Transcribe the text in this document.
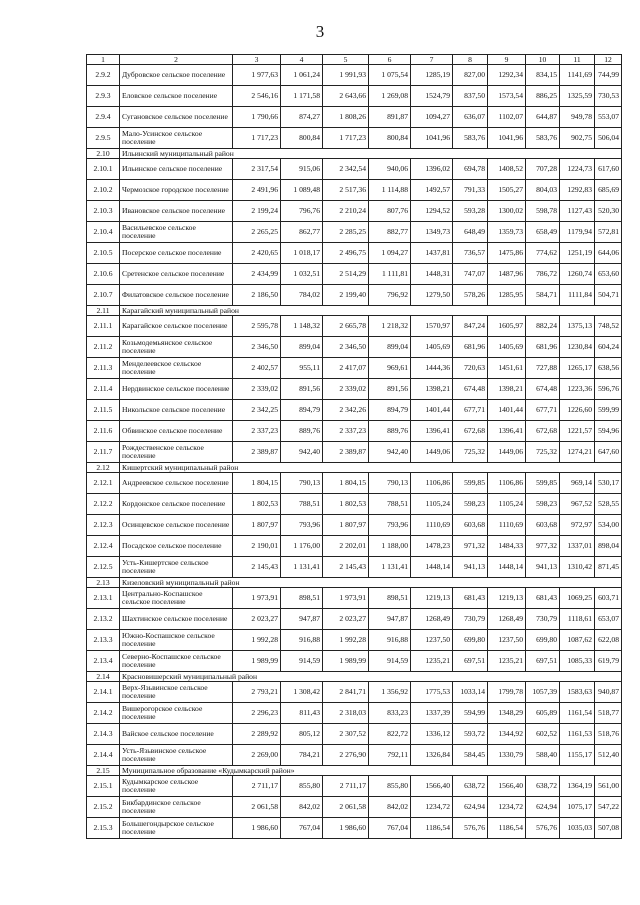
3
1	2	3	4	5	6	7	8	9	10	11	12
2.9.2	Дубровское сельское поселение	1 977,63	1 061,24	1 991,93	1 075,54	1285,19	827,00	1292,34	834,15	1141,69	744,99
2.9.3	Еловское сельское поселение	2 546,16	1 171,58	2 643,66	1 269,08	1524,79	837,50	1573,54	886,25	1325,59	730,53
2.9.4	Сугановское сельское поселение	1 790,66	874,27	1 808,26	891,87	1094,27	636,07	1102,07	644,87	949,78	553,07
2.9.5	Мало-Усинское сельское поселение	1 717,23	800,84	1 717,23	800,84	1041,96	583,76	1041,96	583,76	902,75	506,04
2.10	Ильинский муниципальный район										
2.10.1	Ильинское сельское поселение	2 317,54	915,06	2 342,54	940,06	1396,02	694,78	1408,52	707,28	1224,73	617,60
2.10.2	Чермозское городское поселение	2 491,96	1 089,48	2 517,36	1 114,88	1492,57	791,33	1505,27	804,03	1292,83	685,69
2.10.3	Ивановское сельское поселение	2 199,24	796,76	2 210,24	807,76	1294,52	593,28	1300,02	598,78	1127,43	520,30
2.10.4	Васильевское сельское поселение	2 265,25	862,77	2 285,25	882,77	1349,73	648,49	1359,73	658,49	1179,94	572,81
2.10.5	Посерское сельское поселение	2 420,65	1 018,17	2 496,75	1 094,27	1437,81	736,57	1475,86	774,62	1251,19	644,06
2.10.6	Сретенское сельское поселение	2 434,99	1 032,51	2 514,29	1 111,81	1448,31	747,07	1487,96	786,72	1260,74	653,60
2.10.7	Филатовское сельское поселение	2 186,50	784,02	2 199,40	796,92	1279,50	578,26	1285,95	584,71	1111,84	504,71
2.11	Карагайский муниципальный район										
2.11.1	Карагайское сельское поселение	2 595,78	1 148,32	2 665,78	1 218,32	1570,97	847,24	1605,97	882,24	1375,13	748,52
2.11.2	Козьмодемьянское сельское поселение	2 346,50	899,04	2 346,50	899,04	1405,69	681,96	1405,69	681,96	1230,84	604,24
2.11.3	Менделеевское сельское поселение	2 402,57	955,11	2 417,07	969,61	1444,36	720,63	1451,61	727,88	1265,17	638,56
2.11.4	Нердвинское сельское поселение	2 339,02	891,56	2 339,02	891,56	1398,21	674,48	1398,21	674,48	1223,36	596,76
2.11.5	Никольское сельское поселение	2 342,25	894,79	2 342,26	894,79	1401,44	677,71	1401,44	677,71	1226,60	599,99
2.11.6	Обвинское сельское поселение	2 337,23	889,76	2 337,23	889,76	1396,41	672,68	1396,41	672,68	1221,57	594,96
2.11.7	Рождественское сельское поселение	2 389,87	942,40	2 389,87	942,40	1449,06	725,32	1449,06	725,32	1274,21	647,60
2.12	Кишертский муниципальный район										
2.12.1	Андреевское сельское поселение	1 804,15	790,13	1 804,15	790,13	1106,86	599,85	1106,86	599,85	969,14	530,17
2.12.2	Кордонское сельское поселение	1 802,53	788,51	1 802,53	788,51	1105,24	598,23	1105,24	598,23	967,52	528,55
2.12.3	Осинцевское сельское поселение	1 807,97	793,96	1 807,97	793,96	1110,69	603,68	1110,69	603,68	972,97	534,00
2.12.4	Посадское сельское поселение	2 190,01	1 176,00	2 202,01	1 188,00	1478,23	971,32	1484,33	977,32	1337,01	898,04
2.12.5	Усть-Кишертское сельское поселение	2 145,43	1 131,41	2 145,43	1 131,41	1448,14	941,13	1448,14	941,13	1310,42	871,45
2.13	Кизеловский муниципальный район										
2.13.1	Центрально-Коспашское сельское поселение	1 973,91	898,51	1 973,91	898,51	1219,13	681,43	1219,13	681,43	1069,25	603,71
2.13.2	Шахтинское сельское поселение	2 023,27	947,87	2 023,27	947,87	1268,49	730,79	1268,49	730,79	1118,61	653,07
2.13.3	Южно-Коспашское сельское поселение	1 992,28	916,88	1 992,28	916,88	1237,50	699,80	1237,50	699,80	1087,62	622,08
2.13.4	Северно-Коспашское сельское поселение	1 989,99	914,59	1 989,99	914,59	1235,21	697,51	1235,21	697,51	1085,33	619,79
2.14	Красновишерский муниципальный район										
2.14.1	Верх-Язьвинское сельское поселение	2 793,21	1 308,42	2 841,71	1 356,92	1775,53	1033,14	1799,78	1057,39	1583,63	940,87
2.14.2	Вишерогорское сельское поселение	2 296,23	811,43	2 318,03	833,23	1337,39	594,99	1348,29	605,89	1161,54	518,77
2.14.3	Вайское сельское поселение	2 289,92	805,12	2 307,52	822,72	1336,12	593,72	1344,92	602,52	1161,53	518,76
2.14.4	Усть-Язьвинское сельское поселение	2 269,00	784,21	2 276,90	792,11	1326,84	584,45	1330,79	588,40	1155,17	512,40
2.15	Муниципальное образование «Кудымкарский район»										
2.15.1	Кудымкарское сельское поселение	2 711,17	855,80	2 711,17	855,80	1566,40	638,72	1566,40	638,72	1364,19	561,00
2.15.2	Бикбардинское сельское поселение	2 061,58	842,02	2 061,58	842,02	1234,72	624,94	1234,72	624,94	1075,17	547,22
2.15.3	Большегондырское сельское поселение	1 986,60	767,04	1 986,60	767,04	1186,54	576,76	1186,54	576,76	1035,03	507,08
